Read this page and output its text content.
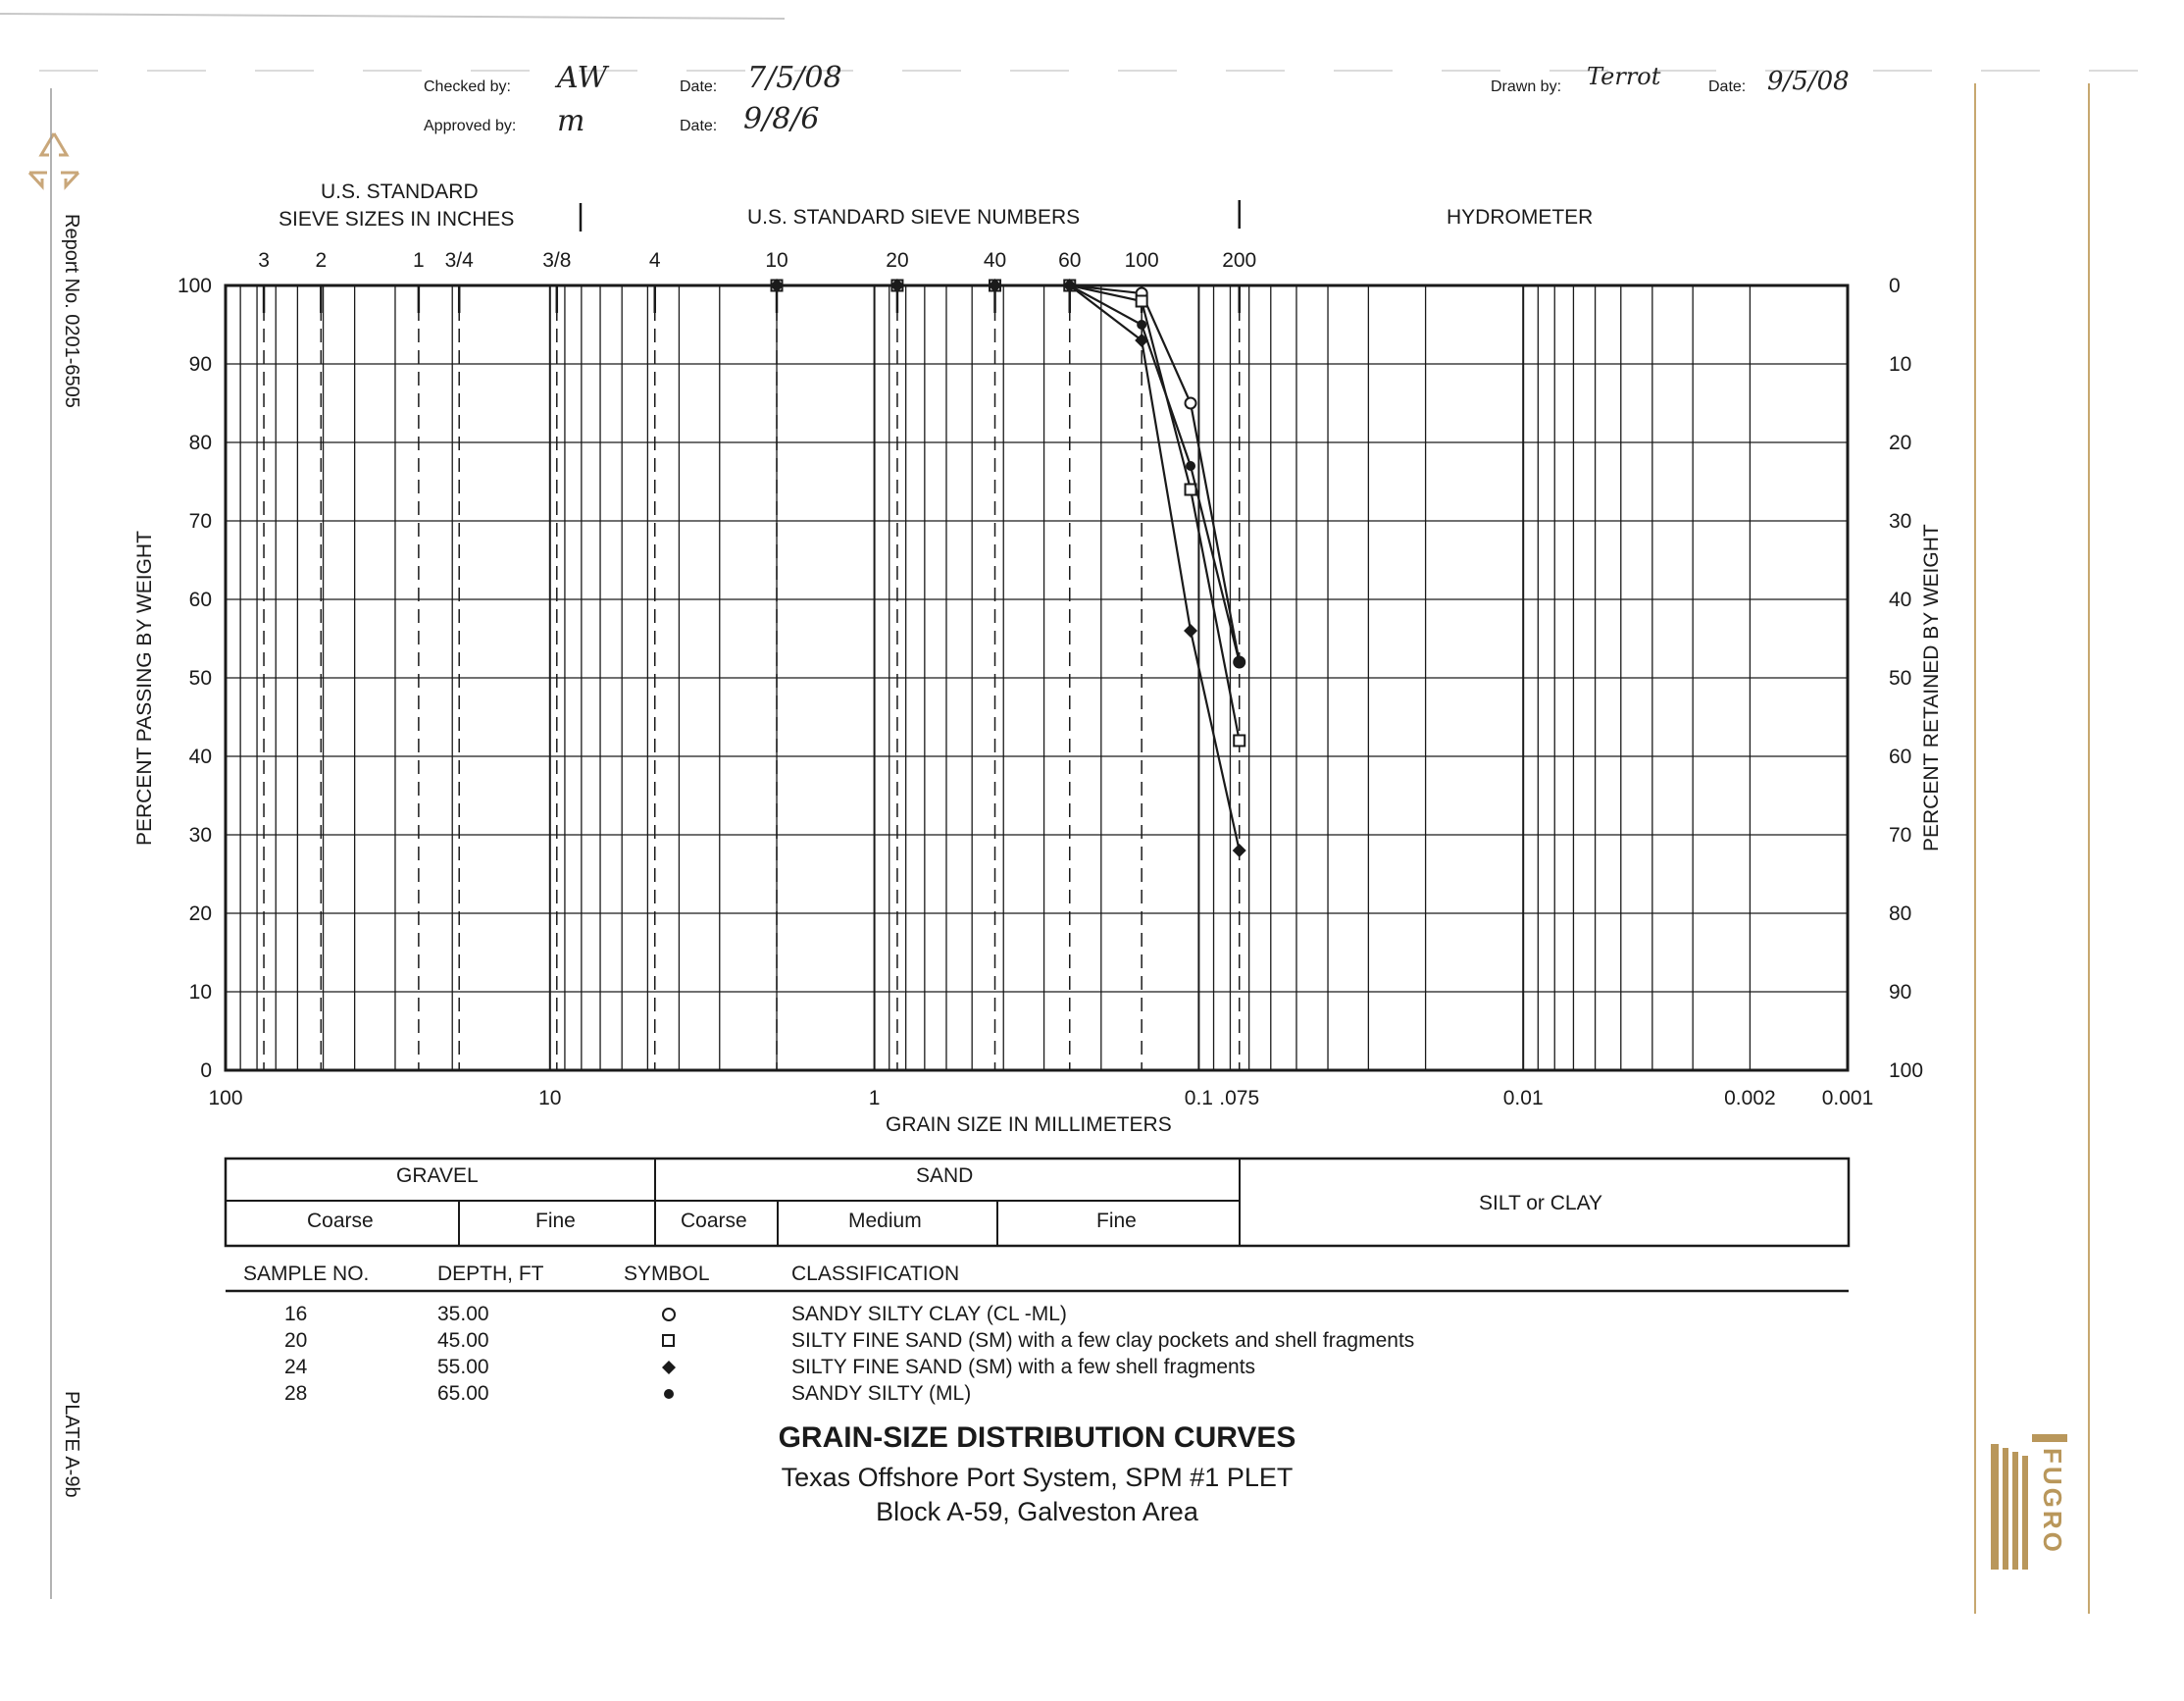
Checked by: AW	Date: 7/5/08
Approved by: m	Date: 9/8/6
Drawn by: Terrot	Date: 9/5/08
Report No. 0201-6505
PLATE A-9b
FUGRO
U.S. STANDARD
SIEVE SIZES IN INCHES	U.S. STANDARD SIEVE NUMBERS	HYDROMETER
PERCENT PASSING BY WEIGHT	PERCENT RETAINED BY WEIGHT
GRAIN SIZE IN MILLIMETERS
3 2	1 3/4	3/8	4	10	20	40	60 100	200
0
10
20
30
40
50
60
70
80
90
100
100
90
80
70
60
50
40
30
20
10
0
100	10	1	0.1 .075	0.01	0.002 0.001
GRAVEL	SAND
SILT or CLAY
Coarse	Fine	Coarse	Medium	Fine
SAMPLE NO.	DEPTH, FT	SYMBOL	CLASSIFICATION
16	35.00	SANDY SILTY CLAY (CL -ML)
20	45.00	SILTY FINE SAND (SM) with a few clay pockets and shell fragments
24	55.00	SILTY FINE SAND (SM) with a few shell fragments
28	65.00	SANDY SILTY (ML)
GRAIN-SIZE DISTRIBUTION CURVES
Texas Offshore Port System, SPM #1 PLET
Block A-59, Galveston Area
